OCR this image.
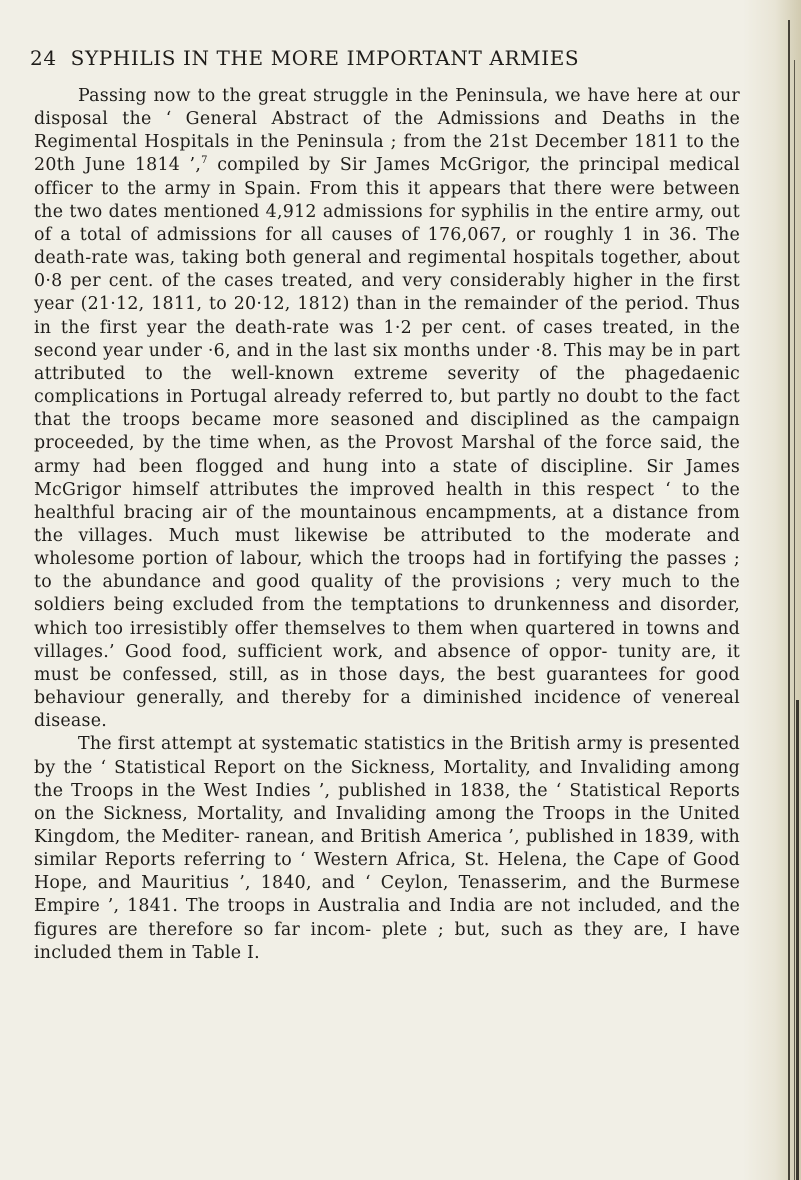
24 SYPHILIS IN THE MORE IMPORTANT ARMIES

Passing now to the great struggle in the Peninsula, we have here at our disposal the ‘ General Abstract of the Admissions and Deaths in the Regimental Hospitals in the Peninsula ; from the 21st December 1811 to the 20th June 1814 ’,$^7$ compiled by Sir James McGrigor, the principal medical officer to the army in Spain. From this it appears that there were between the two dates mentioned 4,912 admissions for syphilis in the entire army, out of a total of admissions for all causes of 176,067, or roughly 1 in 36. The death-rate was, taking both general and regimental hospitals together, about 0·8 per cent. of the cases treated, and very considerably higher in the first year (21·12, 1811, to 20·12, 1812) than in the remainder of the period. Thus in the first year the death-rate was 1·2 per cent. of cases treated, in the second year under ·6, and in the last six months under ·8. This may be in part attributed to the well-known extreme severity of the phagedaenic complications in Portugal already referred to, but partly no doubt to the fact that the troops became more seasoned and disciplined as the campaign proceeded, by the time when, as the Provost Marshal of the force said, the army had been flogged and hung into a state of discipline. Sir James McGrigor himself attributes the improved health in this respect ‘ to the healthful bracing air of the mountainous encampments, at a distance from the villages. Much must likewise be attributed to the moderate and wholesome portion of labour, which the troops had in fortifying the passes ; to the abundance and good quality of the provisions ; very much to the soldiers being excluded from the temptations to drunkenness and disorder, which too irresistibly offer themselves to them when quartered in towns and villages.’ Good food, sufficient work, and absence of oppor- tunity are, it must be confessed, still, as in those days, the best guarantees for good behaviour generally, and thereby for a diminished incidence of venereal disease.

The first attempt at systematic statistics in the British army is presented by the ‘ Statistical Report on the Sickness, Mortality, and Invaliding among the Troops in the West Indies ’, published in 1838, the ‘ Statistical Reports on the Sickness, Mortality, and Invaliding among the Troops in the United Kingdom, the Mediter- ranean, and British America ’, published in 1839, with similar Reports referring to ‘ Western Africa, St. Helena, the Cape of Good Hope, and Mauritius ’, 1840, and ‘ Ceylon, Tenasserim, and the Burmese Empire ’, 1841. The troops in Australia and India are not included, and the figures are therefore so far incom- plete ; but, such as they are, I have included them in Table I.
